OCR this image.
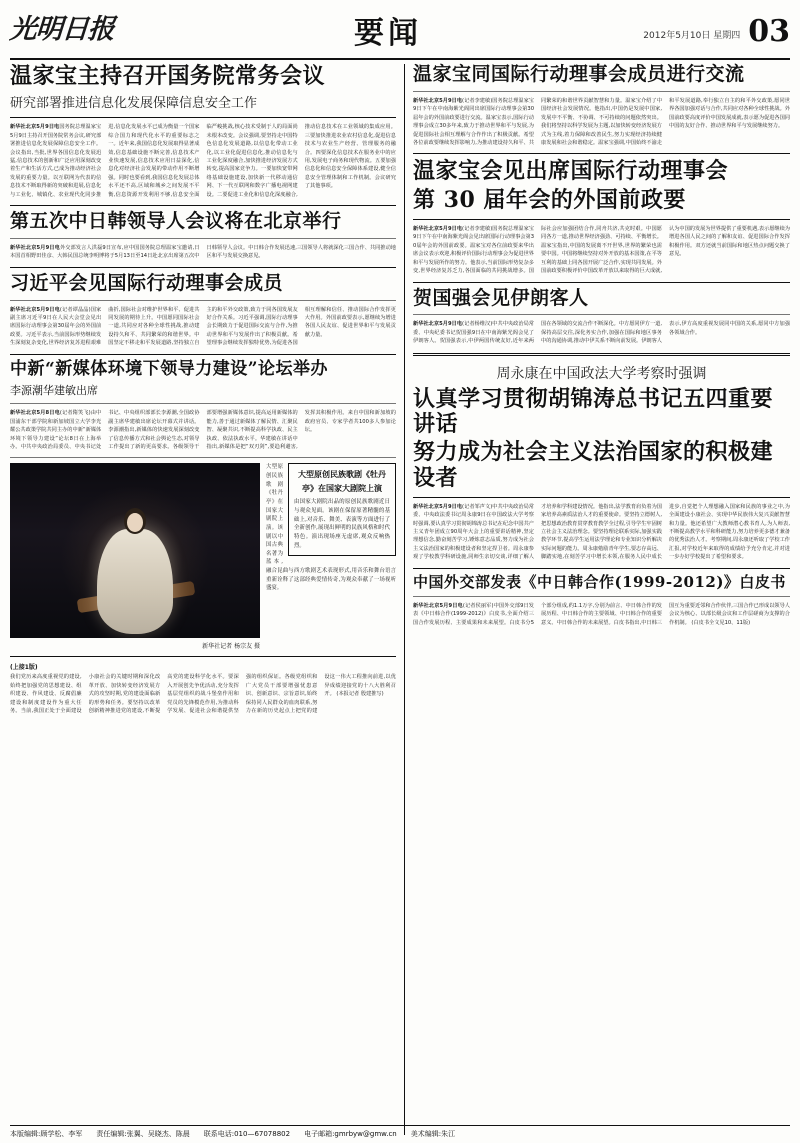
光明日报	要闻	2012年5月10日 星期四 03
温家宝主持召开国务院常务会议
研究部署推进信息化发展保障信息安全工作
新华社北京5月9日电国务院总理温家宝5月9日主持召开国务院常务会议,研究部署推进信息化发展保障信息安全工作。会议指出,当批,世界各国信息化发展迅猛,信息技术的创新和广泛应用深刻改变着生产和生活方式,已成为推动经济社会发展的重要力量。以互联网为代表的信息技术不断取得新的突破和进展,信息化与工业化、城镇化、农业现代化同步推进,信息化发展水平已成为衡量一个国家综合国力和现代化水平的重要标志之一。近年来,我国信息化发展取得显著成效,信息基础设施不断完善,信息技术产业快速发展,信息技术应用日益深化,信息化对经济社会发展的带动作用不断增强。同时也要看到,我国信息化发展总体水平还不高,区域和城乡之间发展不平衡,信息资源开发利用不够,信息安全面临严峻挑战,核心技术受制于人的局面尚未根本改变。会议强调,要坚持走中国特色信息化发展道路,以信息化带动工业化,以工业化促进信息化,推动信息化与工业化深度融合,加快推进经济发展方式转变,提高国家竞争力。一要加快宽带网络基础设施建设,加快新一代移动通信网、下一代互联网和数字广播电视网建设。二要促进工业化和信息化深度融合,推动信息技术在工业领域的集成应用。三要加快推进农业农村信息化,促进信息技术与农业生产经营、管理服务的融合。四要深化信息技术在服务业中的应用,发展电子商务和现代物流。五要加强信息化和信息安全保障体系建设,健全信息安全管理体制和工作机制。会议研究了其他事项。
第五次中日韩领导人会议将在北京举行
新华社北京5月9日电外交部发言人洪磊9日宣布,应中国国务院总理温家宝邀请,日本国首相野田佳彦、大韩民国总统李明博将于5月13日至14日赴北京出席第五次中日韩领导人会议。中日韩合作发展迅速,三国领导人将就深化三国合作、共同推动地区和平与发展交换意见。
习近平会见国际行动理事会成员
新华社北京5月9日电(记者谭晶晶)国家副主席习近平9日在人民大会堂会见出席国际行动理事会第30届年会的外国前政要。习近平表示,当前国际形势继续发生深刻复杂变化,世界经济复苏进程艰难曲折,国际社会对维护世界和平、促进共同发展的期待上升。中国愿同国际社会一道,共同应对各种全球性挑战,推动建设持久和平、共同繁荣的和谐世界。中国坚定不移走和平发展道路,坚持独立自主的和平外交政策,致力于同各国发展友好合作关系。习近平强调,国际行动理事会长期致力于促进国际交流与合作,为推动世界和平与发展作出了积极贡献。希望理事会继续发挥独特优势,为促进各国相互理解和信任、推动国际合作发挥更大作用。外国前政要表示,愿继续为增进各国人民友谊、促进世界和平与发展贡献力量。
中新“新媒体环境下领导力建设”论坛举办
李源潮华建敏出席
新华社北京5月8日电(记者隋笑飞)由中国浦东干部学院和新加坡国立大学李光耀公共政策学院共同主办的中新“新媒体环境下领导力建设”论坛8日在上海举办。中共中央政治局委员、中央书记处书记、中央组织部部长李源潮,全国政协副主席华建敏出席论坛开幕式并讲话。李源潮指出,新媒体的快速发展深刻改变了信息传播方式和社会舆论生态,对领导工作提出了新的更高要求。各级领导干部要增强新媒体意识,提高运用新媒体的能力,善于通过新媒体了解民情、汇聚民智、凝聚共识,不断提高科学执政、民主执政、依法执政水平。华建敏在讲话中指出,新媒体是把“双刃剑”,要趋利避害,发挥其积极作用。来自中国和新加坡的政府官员、专家学者共100多人参加论坛。
新华社记者 杨宗友 摄
大型原创民族歌剧《牡丹亭》在国家大剧院上演
由国家大剧院出品的原创民族歌剧近日与观众见面。该剧在保留原著精髓的基础上,对音乐、舞美、表演等方面进行了全新创作,展现出鲜明的民族风格和时代特色。演出现场座无虚席,观众反响热烈。
大型原创民族歌剧《牡丹亭》在国家大剧院上演。该剧以中国古典名著为蓝本,融合昆曲与西方歌剧艺术表现形式,用音乐和舞台语言重新诠释了这部经典爱情传奇,为观众奉献了一场视听盛宴。
(上接1版)
我们党历来高度重视党的建设,始终把加强党的思想建设、组织建设、作风建设、反腐倡廉建设和制度建设作为重大任务。当前,我国正处于全面建设小康社会的关键时期和深化改革开放、加快转变经济发展方式的攻坚时期,党的建设面临新的形势和任务。要坚持以改革创新精神推进党的建设,不断提高党的建设科学化水平。要深入开展创先争优活动,充分发挥基层党组织的战斗堡垒作用和党员的先锋模范作用,为推动科学发展、促进社会和谐提供坚强的组织保证。各级党组织和广大党员干部要增强忧患意识、创新意识、宗旨意识,始终保持同人民群众的血肉联系,努力在新的历史起点上把党的建设这一伟大工程推向前进,以优异成绩迎接党的十八大胜利召开。 (本报记者 殷建推写)
温家宝同国际行动理事会成员进行交流
新华社北京5月9日电(记者李建敏)国务院总理温家宝9日下午在中南海紫光阁同出席国际行动理事会第30届年会的外国前政要进行交流。温家宝表示,国际行动理事会成立30多年来,致力于推动世界和平与发展,为促进国际社会相互理解与合作作出了积极贡献。希望各位前政要继续发挥影响力,为推动建设持久和平、共同繁荣的和谐世界贡献智慧和力量。温家宝介绍了中国经济社会发展情况。他指出,中国仍是发展中国家,发展中不平衡、不协调、不可持续的问题依然突出。我们将坚持以科学发展为主题,以加快转变经济发展方式为主线,着力保障和改善民生,努力实现经济持续健康发展和社会和谐稳定。温家宝强调,中国始终不渝走和平发展道路,奉行独立自主的和平外交政策,愿同世界各国加强对话与合作,共同应对各种全球性挑战。外国前政要高度评价中国发展成就,表示愿为促进各国同中国的友好合作、推动世界和平与发展继续努力。
温家宝会见出席国际行动理事会
第 30 届年会的外国前政要
新华社北京5月9日电(记者李建敏)国务院总理温家宝9日下午在中南海紫光阁会见出席国际行动理事会第30届年会的外国前政要。温家宝对各位前政要来华出席会议表示欢迎,积极评价国际行动理事会为促进世界和平与发展所作的努力。他表示,当前国际形势复杂多变,世界经济复苏乏力,各国面临的共同挑战增多。国际社会应加强团结合作,同舟共济,共克时艰。中国愿同各方一道,推动世界经济强劲、可持续、平衡增长。温家宝指出,中国的发展离不开世界,世界的繁荣也需要中国。中国将继续坚持对外开放的基本国策,在平等互利的基础上同各国开展广泛合作,实现共同发展。外国前政要积极评价中国改革开放以来取得的巨大成就,认为中国的发展为世界提供了重要机遇,表示愿继续为增进各国人民之间的了解和友谊、促进国际合作发挥积极作用。双方还就当前国际和地区热点问题交换了意见。
贺国强会见伊朗客人
新华社北京5月9日电(记者杨维汉)中共中央政治局常委、中央纪委书记贺国强9日在中南海紫光阁会见了伊朗客人。贺国强表示,中伊两国传统友好,近年来两国在各领域的交流合作不断深化。中方愿同伊方一道,保持高层交往,深化务实合作,加强在国际和地区事务中的沟通协调,推动中伊关系不断向前发展。伊朗客人表示,伊方高度重视发展同中国的关系,愿同中方加强各领域合作。
周永康在中国政法大学考察时强调
认真学习贯彻胡锦涛总书记五四重要讲话
努力成为社会主义法治国家的积极建设者
新华社北京5月9日电(记者邹声文)中共中央政治局常委、中央政法委书记周永康9日在中国政法大学考察时强调,要认真学习贯彻胡锦涛总书记在纪念中国共产主义青年团成立90周年大会上的重要讲话精神,坚定理想信念,勤奋刻苦学习,锤炼意志品质,努力成为社会主义法治国家的积极建设者和坚定捍卫者。周永康参观了学校教学科研设施,同师生亲切交谈,详细了解人才培养和学科建设情况。他指出,法学教育肩负着为国家培养高素质法治人才的重要使命。要坚持立德树人,把思想政治教育贯穿教育教学全过程,引导学生牢固树立社会主义法治理念。要坚持理论联系实际,加强实践教学环节,提高学生运用法学理论和专业知识分析解决实际问题的能力。周永康勉励青年学生,要志存高远、脚踏实地,在刻苦学习中增长本领,在服务人民中成长进步,自觉把个人理想融入国家和民族的事业之中,为全面建设小康社会、实现中华民族伟大复兴贡献智慧和力量。他还希望广大教师潜心教书育人,为人师表,不断提高教学水平和科研能力,努力培养更多德才兼备的优秀法治人才。考察期间,周永康还听取了学校工作汇报,对学校近年来取得的成绩给予充分肯定,并对进一步办好学校提出了希望和要求。
中国外交部发表《中日韩合作(1999-2012)》白皮书
新华社北京5月9日电(记者侯丽军)中国外交部9日发表《中日韩合作(1999-2012)》白皮书,全面介绍三国合作发展历程、主要成果和未来展望。白皮书分5个部分组成,约1.1万字,分别为前言、中日韩合作的发展历程、中日韩合作的主要领域、中日韩合作的重要意义、中日韩合作的未来展望。白皮书指出,中日韩三国互为重要近邻和合作伙伴,三国合作已形成以领导人会议为核心、以部长级会议和工作层磋商为支撑的合作机制。 (白皮书全文见10、11版)
本版编辑:顾学松、李军 责任编辑:张翼、吴晓杰、陈晨 联系电话:010—67078802 电子邮箱:gmrbyw@gmw.cn 美术编辑:朱江
